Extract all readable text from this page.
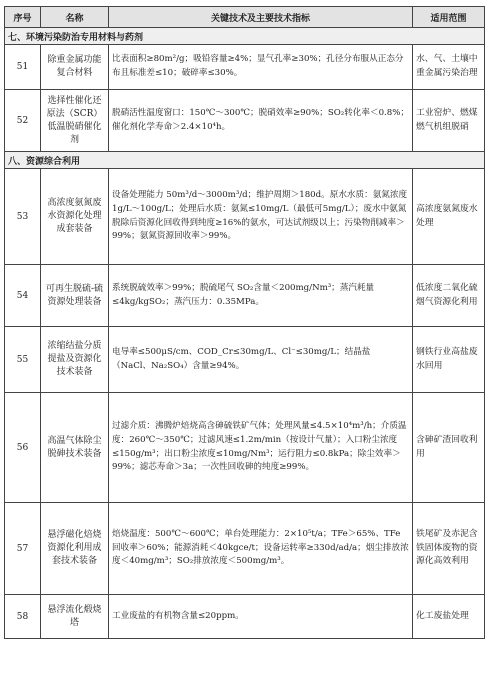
序号	名称	关键技术及主要技术指标	适用范围
七、环境污染防治专用材料与药剂			
51	除重金属功能复合材料	比表面积≥80m²/g；吸铅容量≥4%；显气孔率≥30%；孔径分布服从正态分布且标准差≤10；破碎率≤30%。	水、气、土壤中重金属污染治理
52	选择性催化还原法（SCR）低温脱硝催化剂	脱硝活性温度窗口：150℃～300℃；脱硝效率≥90%；SO₂转化率＜0.8%；催化剂化学寿命＞2.4×10⁴h。	工业窑炉、燃煤燃气机组脱硝
八、资源综合利用			
53	高浓度氨氮废水资源化处理成套装备	设备处理能力 50m³/d～3000m³/d；维护周期＞180d。原水水质：氨氮浓度 1g/L～100g/L；处理后水质：氨氮≤10mg/L（最低可5mg/L）；废水中氨氮脱除后资源化回收得到纯度≥16%的氨水，可达试剂级以上；污染物削减率＞99%；氨氮资源回收率＞99%。	高浓度氨氮废水处理
54	可再生脱硫-硫资源处理装备	系统脱硫效率＞99%；脱硫尾气 SO₂含量＜200mg/Nm³；蒸汽耗量≤4kg/kgSO₂；蒸汽压力：0.35MPa。	低浓度二氧化硫烟气资源化利用
55	浓缩结盐分质提盐及资源化技术装备	电导率≤500μS/cm、COD_Cr≤30mg/L、Cl⁻≤30mg/L；结晶盐（NaCl、Na₂SO₄）含量≥94%。	钢铁行业高盐废水回用
56	高温气体除尘脱砷技术装备	过滤介质：沸腾炉焙烧高含砷硫铁矿气体；处理风量≤4.5×10⁴m³/h；介质温度：260℃～350℃；过滤风速≤1.2m/min（按设计气量）；入口粉尘浓度≤150g/m³；出口粉尘浓度≤10mg/Nm³；运行阻力≤0.8kPa；除尘效率＞99%；滤芯寿命＞3a；一次性回收砷的纯度≥99%。	含砷矿渣回收利用
57	悬浮磁化焙烧资源化利用成套技术装备	焙烧温度：500℃～600℃；单台处理能力：2×10⁵t/a；TFe＞65%、TFe 回收率＞60%；能源消耗＜40kgce/t；设备运转率≥330d/ad/a；烟尘排放浓度＜40mg/m³；SO₂排放浓度＜500mg/m³。	铁尾矿及赤泥含铁固体废物的资源化高效利用
58	悬浮流化煅烧塔	工业废盐的有机物含量≤20ppm。	化工废盐处理
